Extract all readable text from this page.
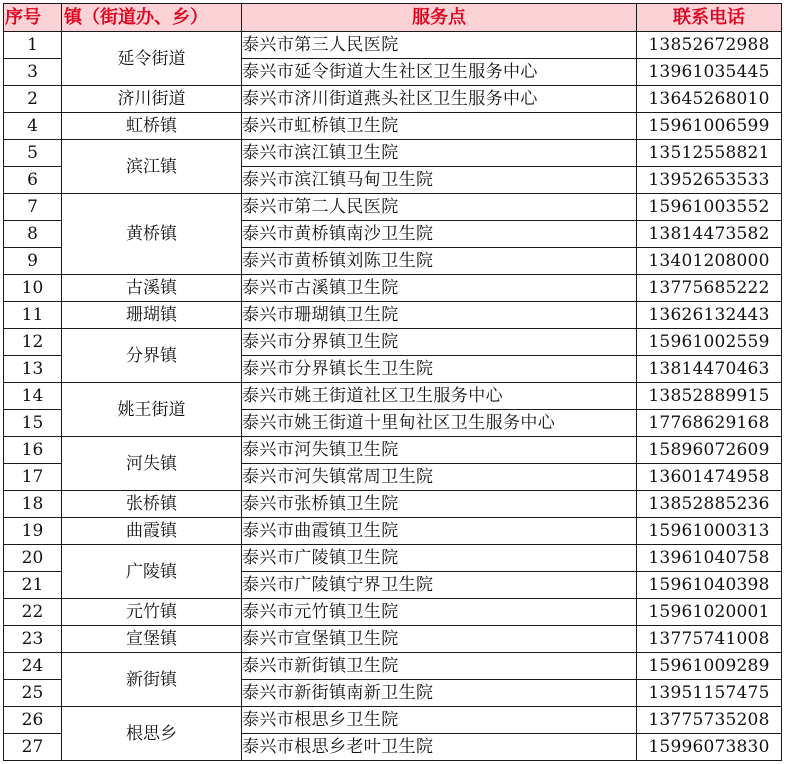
序号	镇（街道办、乡）	服务点	联系电话
1	延令街道	泰兴市第三人民医院	13852672988
3		泰兴市延令街道大生社区卫生服务中心	13961035445
2	济川街道	泰兴市济川街道燕头社区卫生服务中心	13645268010
4	虹桥镇	泰兴市虹桥镇卫生院	15961006599
5	滨江镇	泰兴市滨江镇卫生院	13512558821
6		泰兴市滨江镇马甸卫生院	13952653533
7	黄桥镇	泰兴市第二人民医院	15961003552
8		泰兴市黄桥镇南沙卫生院	13814473582
9		泰兴市黄桥镇刘陈卫生院	13401208000
10	古溪镇	泰兴市古溪镇卫生院	13775685222
11	珊瑚镇	泰兴市珊瑚镇卫生院	13626132443
12	分界镇	泰兴市分界镇卫生院	15961002559
13		泰兴市分界镇长生卫生院	13814470463
14	姚王街道	泰兴市姚王街道社区卫生服务中心	13852889915
15		泰兴市姚王街道十里甸社区卫生服务中心	17768629168
16	河失镇	泰兴市河失镇卫生院	15896072609
17		泰兴市河失镇常周卫生院	13601474958
18	张桥镇	泰兴市张桥镇卫生院	13852885236
19	曲霞镇	泰兴市曲霞镇卫生院	15961000313
20	广陵镇	泰兴市广陵镇卫生院	13961040758
21		泰兴市广陵镇宁界卫生院	15961040398
22	元竹镇	泰兴市元竹镇卫生院	15961020001
23	宣堡镇	泰兴市宣堡镇卫生院	13775741008
24	新街镇	泰兴市新街镇卫生院	15961009289
25		泰兴市新街镇南新卫生院	13951157475
26	根思乡	泰兴市根思乡卫生院	13775735208
27		泰兴市根思乡老叶卫生院	15996073830
